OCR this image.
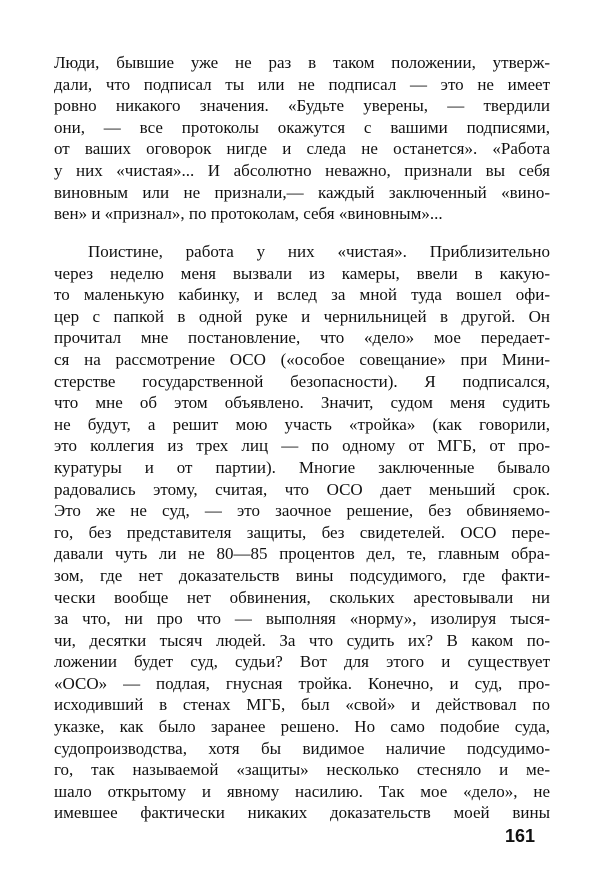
Люди, бывшие уже не раз в таком положении, утверж-
дали, что подписал ты или не подписал — это не имеет
ровно никакого значения. «Будьте уверены, — твердили
они, — все протоколы окажутся с вашими подписями,
от ваших оговорок нигде и следа не останется». «Работа
у них «чистая»... И абсолютно неважно, признали вы себя
виновным или не признали,— каждый заключенный «вино-
вен» и «признал», по протоколам, себя «виновным»...
Поистине, работа у них «чистая». Приблизительно
через неделю меня вызвали из камеры, ввели в какую-
то маленькую кабинку, и вслед за мной туда вошел офи-
цер с папкой в одной руке и чернильницей в другой. Он
прочитал мне постановление, что «дело» мое передает-
ся на рассмотрение ОСО («особое совещание» при Мини-
стерстве государственной безопасности). Я подписался,
что мне об этом объявлено. Значит, судом меня судить
не будут, а решит мою участь «тройка» (как говорили,
это коллегия из трех лиц — по одному от МГБ, от про-
куратуры и от партии). Многие заключенные бывало
радовались этому, считая, что ОСО дает меньший срок.
Это же не суд, — это заочное решение, без обвиняемо-
го, без представителя защиты, без свидетелей. ОСО пере-
давали чуть ли не 80—85 процентов дел, те, главным обра-
зом, где нет доказательств вины подсудимого, где факти-
чески вообще нет обвинения, скольких арестовывали ни
за что, ни про что — выполняя «норму», изолируя тыся-
чи, десятки тысяч людей. За что судить их? В каком по-
ложении будет суд, судьи? Вот для этого и существует
«ОСО» — подлая, гнусная тройка. Конечно, и суд, про-
исходивший в стенах МГБ, был «свой» и действовал по
указке, как было заранее решено. Но само подобие суда,
судопроизводства, хотя бы видимое наличие подсудимо-
го, так называемой «защиты» несколько стесняло и ме-
шало открытому и явному насилию. Так мое «дело», не
имевшее фактически никаких доказательств моей вины
161
